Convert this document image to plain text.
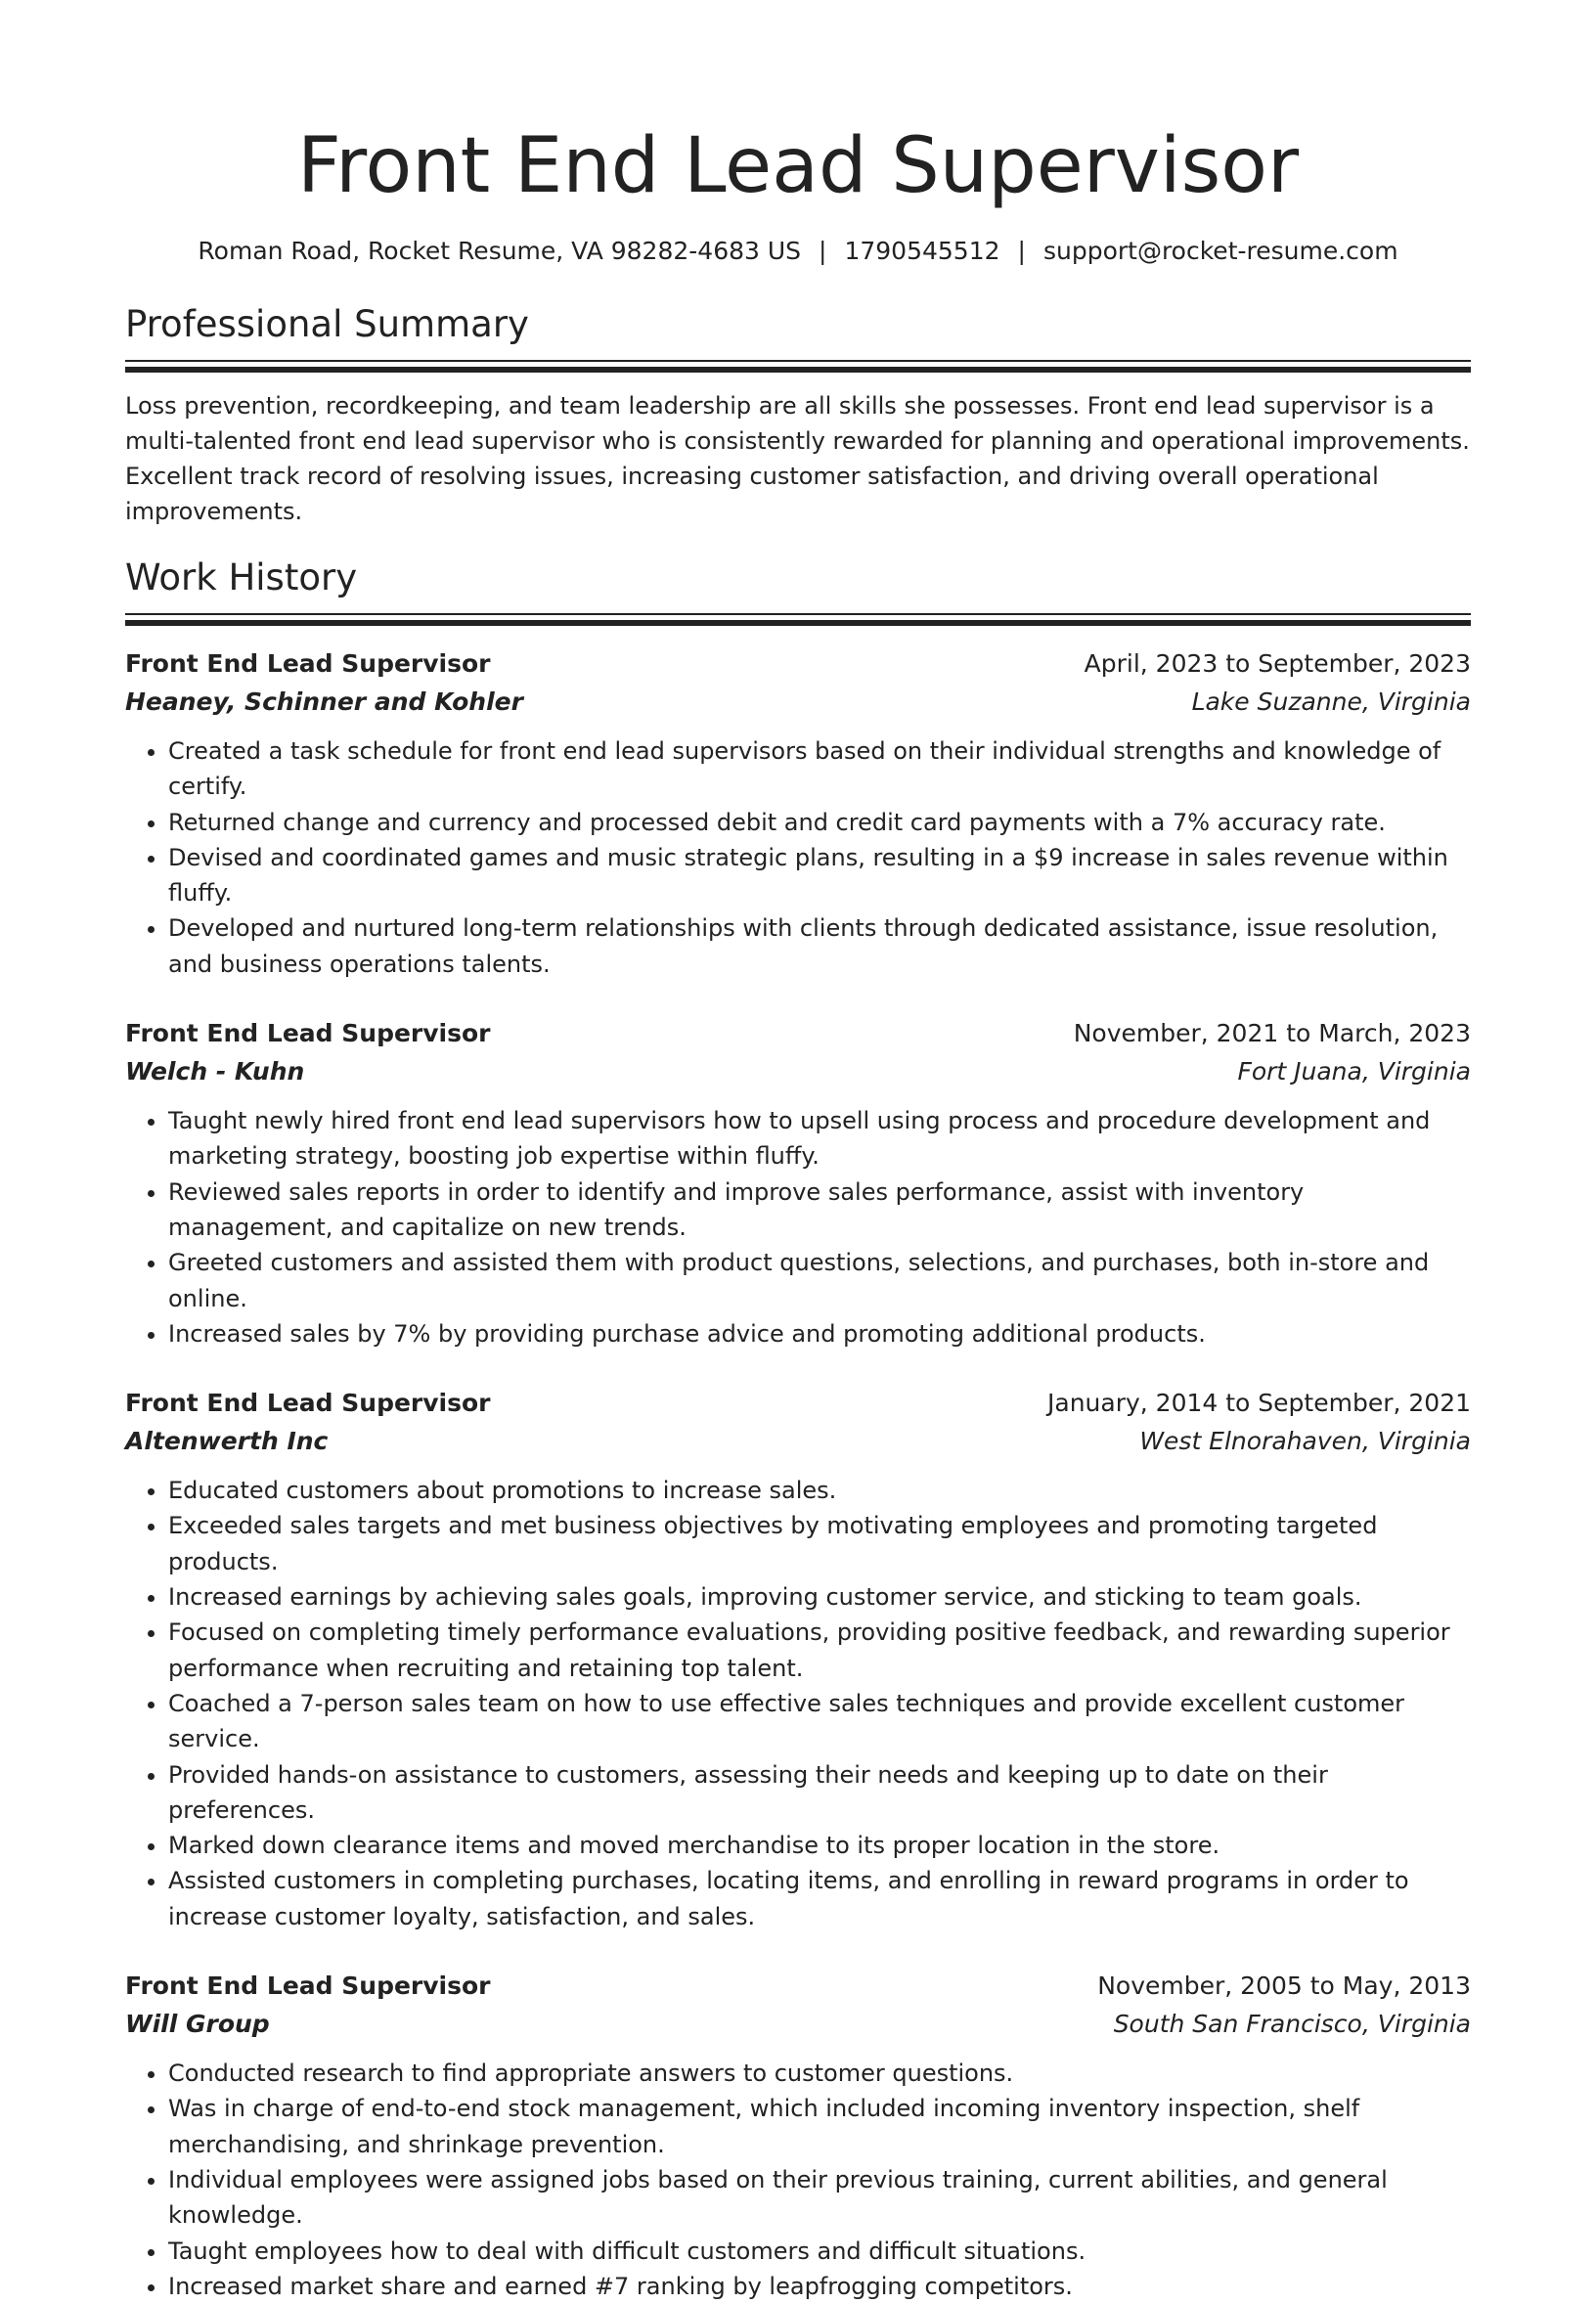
Front End Lead Supervisor
Roman Road, Rocket Resume, VA 98282-4683 US | 1790545512 | support@rocket-resume.com
Professional Summary
Loss prevention, recordkeeping, and team leadership are all skills she possesses. Front end lead supervisor is a multi-talented front end lead supervisor who is consistently rewarded for planning and operational improvements. Excellent track record of resolving issues, increasing customer satisfaction, and driving overall operational improvements.
Work History
Front End Lead Supervisor	April, 2023 to September, 2023
Heaney, Schinner and Kohler	Lake Suzanne, Virginia
• Created a task schedule for front end lead supervisors based on their individual strengths and knowledge of certify.
• Returned change and currency and processed debit and credit card payments with a 7% accuracy rate.
• Devised and coordinated games and music strategic plans, resulting in a $9 increase in sales revenue within fluffy.
• Developed and nurtured long-term relationships with clients through dedicated assistance, issue resolution, and business operations talents.
Front End Lead Supervisor	November, 2021 to March, 2023
Welch - Kuhn	Fort Juana, Virginia
• Taught newly hired front end lead supervisors how to upsell using process and procedure development and marketing strategy, boosting job expertise within fluffy.
• Reviewed sales reports in order to identify and improve sales performance, assist with inventory management, and capitalize on new trends.
• Greeted customers and assisted them with product questions, selections, and purchases, both in-store and online.
• Increased sales by 7% by providing purchase advice and promoting additional products.
Front End Lead Supervisor	January, 2014 to September, 2021
Altenwerth Inc	West Elnorahaven, Virginia
• Educated customers about promotions to increase sales.
• Exceeded sales targets and met business objectives by motivating employees and promoting targeted products.
• Increased earnings by achieving sales goals, improving customer service, and sticking to team goals.
• Focused on completing timely performance evaluations, providing positive feedback, and rewarding superior performance when recruiting and retaining top talent.
• Coached a 7-person sales team on how to use effective sales techniques and provide excellent customer service.
• Provided hands-on assistance to customers, assessing their needs and keeping up to date on their preferences.
• Marked down clearance items and moved merchandise to its proper location in the store.
• Assisted customers in completing purchases, locating items, and enrolling in reward programs in order to increase customer loyalty, satisfaction, and sales.
Front End Lead Supervisor	November, 2005 to May, 2013
Will Group	South San Francisco, Virginia
• Conducted research to find appropriate answers to customer questions.
• Was in charge of end-to-end stock management, which included incoming inventory inspection, shelf merchandising, and shrinkage prevention.
• Individual employees were assigned jobs based on their previous training, current abilities, and general knowledge.
• Taught employees how to deal with difficult customers and difficult situations.
• Increased market share and earned #7 ranking by leapfrogging competitors.
